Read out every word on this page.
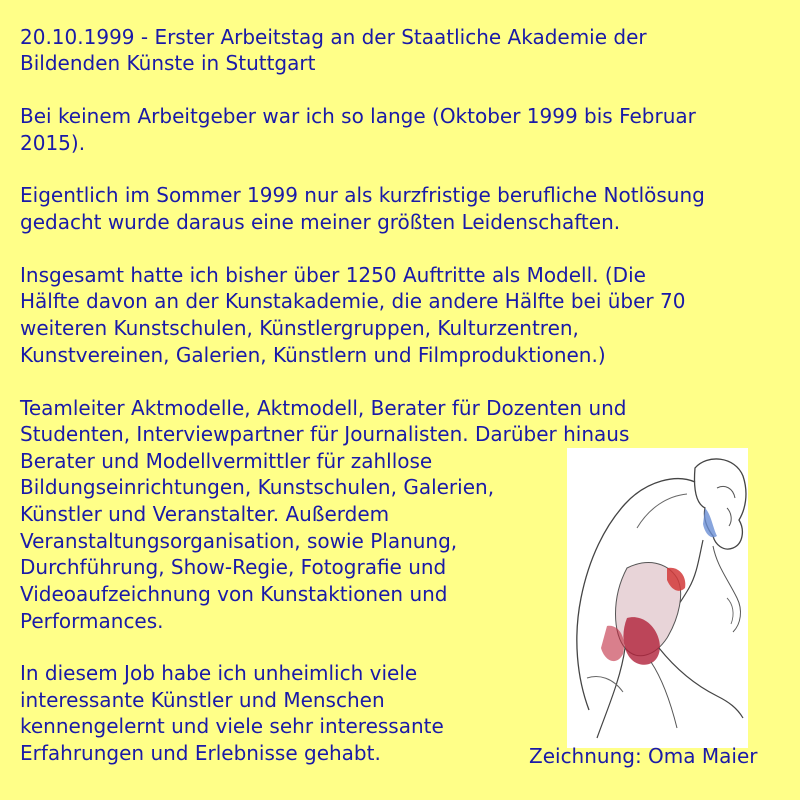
20.10.1999 - Erster Arbeitstag an der Staatliche Akademie der
Bildenden Künste in Stuttgart
Bei keinem Arbeitgeber war ich so lange (Oktober 1999 bis Februar
2015).
Eigentlich im Sommer 1999 nur als kurzfristige berufliche Notlösung
gedacht wurde daraus eine meiner größten Leidenschaften.
Insgesamt hatte ich bisher über 1250 Auftritte als Modell. (Die
Hälfte davon an der Kunstakademie, die andere Hälfte bei über 70
weiteren Kunstschulen, Künstlergruppen, Kulturzentren,
Kunstvereinen, Galerien, Künstlern und Filmproduktionen.)
Teamleiter Aktmodelle, Aktmodell, Berater für Dozenten und
Studenten, Interviewpartner für Journalisten. Darüber hinaus
Berater und Modellvermittler für zahllose
Bildungseinrichtungen, Kunstschulen, Galerien,
Künstler und Veranstalter. Außerdem
Veranstaltungsorganisation, sowie Planung,
Durchführung, Show-Regie, Fotografie und
Videoaufzeichnung von Kunstaktionen und
Performances.
In diesem Job habe ich unheimlich viele
interessante Künstler und Menschen
kennengelernt und viele sehr interessante
Erfahrungen und Erlebnisse gehabt.	Zeichnung: Oma Maier
